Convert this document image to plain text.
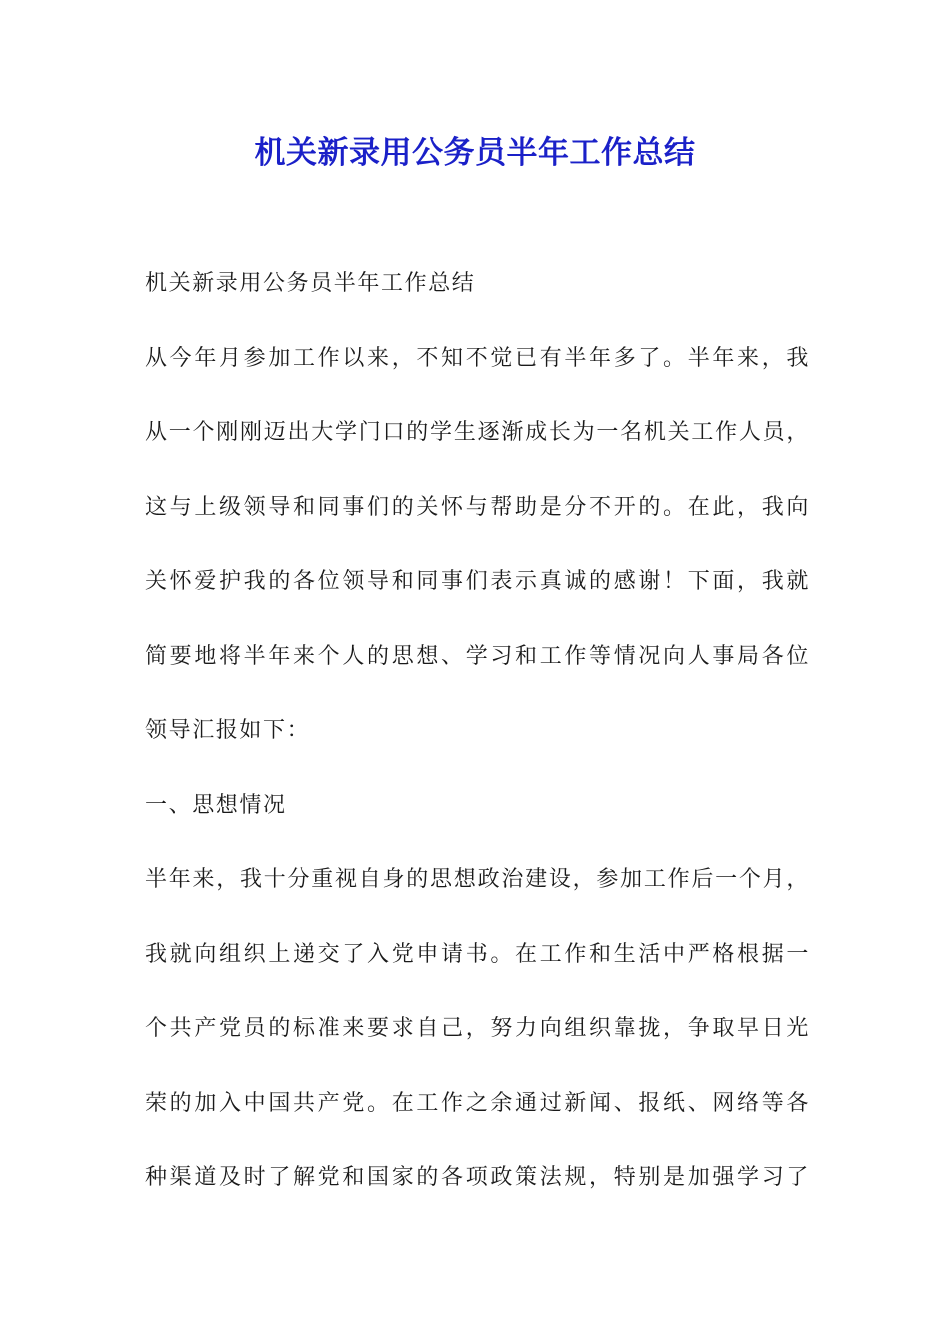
机关新录用公务员半年工作总结
机关新录用公务员半年工作总结
从今年月参加工作以来，不知不觉已有半年多了。半年来，我
从一个刚刚迈出大学门口的学生逐渐成长为一名机关工作人员，
这与上级领导和同事们的关怀与帮助是分不开的。在此，我向
关怀爱护我的各位领导和同事们表示真诚的感谢！下面，我就
简要地将半年来个人的思想、学习和工作等情况向人事局各位
领导汇报如下：
一、思想情况
半年来，我十分重视自身的思想政治建设，参加工作后一个月，
我就向组织上递交了入党申请书。在工作和生活中严格根据一
个共产党员的标准来要求自己，努力向组织靠拢，争取早日光
荣的加入中国共产党。在工作之余通过新闻、报纸、网络等各
种渠道及时了解党和国家的各项政策法规，特别是加强学习了
